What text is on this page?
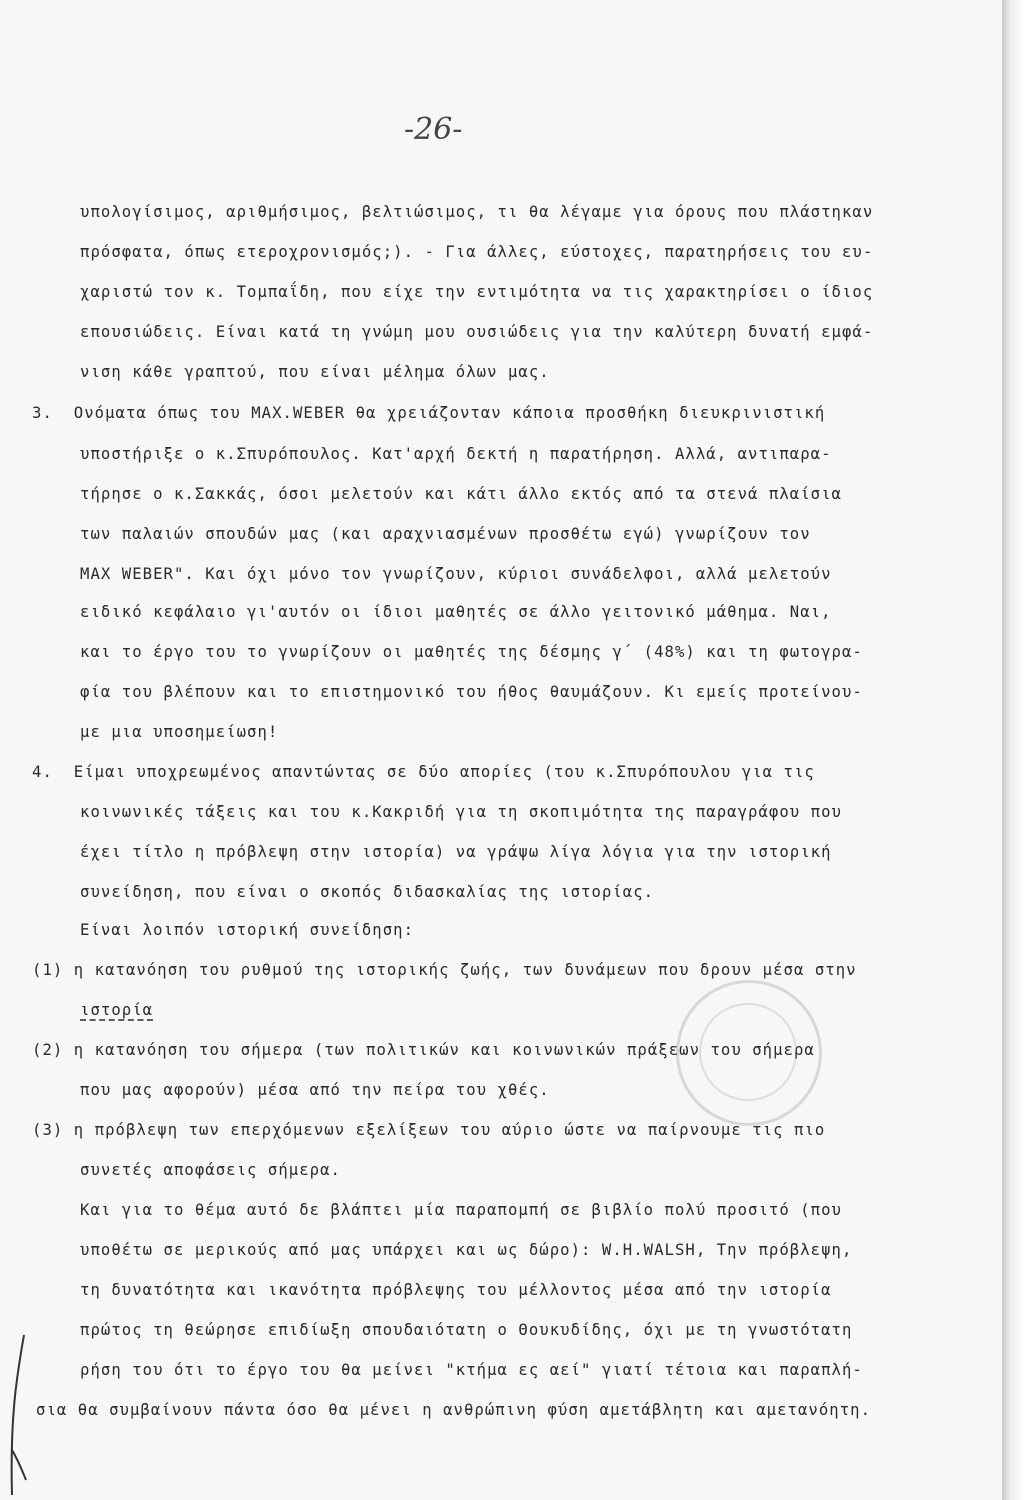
-26-
υπολογίσιμος, αριθμήσιμος, βελτιώσιμος, τι θα λέγαμε για όρους που πλάστηκαν
πρόσφατα, όπως ετεροχρονισμός;). - Για άλλες, εύστοχες, παρατηρήσεις του ευ-
χαριστώ τον κ. Τομπαΐδη, που είχε την εντιμότητα να τις χαρακτηρίσει ο ίδιος
επουσιώδεις. Είναι κατά τη γνώμη μου ουσιώδεις για την καλύτερη δυνατή εμφά-
νιση κάθε γραπτού, που είναι μέλημα όλων μας.
3.  Ονόματα όπως του MAX.WEBER θα χρειάζονταν κάποια προσθήκη διευκρινιστική
υποστήριξε ο κ.Σπυρόπουλος. Κατ'αρχή δεκτή η παρατήρηση. Αλλά, αντιπαρα-
τήρησε ο κ.Σακκάς, όσοι μελετούν και κάτι άλλο εκτός από τα στενά πλαίσια
των παλαιών σπουδών μας (και αραχνιασμένων προσθέτω εγώ) γνωρίζουν τον
MAX WEBER". Και όχι μόνο τον γνωρίζουν, κύριοι συνάδελφοι, αλλά μελετούν
ειδικό κεφάλαιο γι'αυτόν οι ίδιοι μαθητές σε άλλο γειτονικό μάθημα. Ναι,
και το έργο του το γνωρίζουν οι μαθητές της δέσμης γ΄ (48%) και τη φωτογρα-
φία του βλέπουν και το επιστημονικό του ήθος θαυμάζουν. Κι εμείς προτείνου-
με μια υποσημείωση!
4.  Είμαι υποχρεωμένος απαντώντας σε δύο απορίες (του κ.Σπυρόπουλου για τις
κοινωνικές τάξεις και του κ.Κακριδή για τη σκοπιμότητα της παραγράφου που
έχει τίτλο η πρόβλεψη στην ιστορία) να γράψω λίγα λόγια για την ιστορική
συνείδηση, που είναι ο σκοπός διδασκαλίας της ιστορίας.
Είναι λοιπόν ιστορική συνείδηση:
(1) η κατανόηση του ρυθμού της ιστορικής ζωής, των δυνάμεων που δρουν μέσα στην
ιστορία
(2) η κατανόηση του σήμερα (των πολιτικών και κοινωνικών πράξεων του σήμερα
που μας αφορούν) μέσα από την πείρα του χθές.
(3) η πρόβλεψη των επερχόμενων εξελίξεων του αύριο ώστε να παίρνουμε τις πιο
συνετές αποφάσεις σήμερα.
Και για το θέμα αυτό δε βλάπτει μία παραπομπή σε βιβλίο πολύ προσιτό (που
υποθέτω σε μερικούς από μας υπάρχει και ως δώρο): W.H.WALSH, Την πρόβλεψη,
τη δυνατότητα και ικανότητα πρόβλεψης του μέλλοντος μέσα από την ιστορία
πρώτος τη θεώρησε επιδίωξη σπουδαιότατη ο Θουκυδίδης, όχι με τη γνωστότατη
ρήση του ότι το έργο του θα μείνει "κτήμα ες αεί" γιατί τέτοια και παραπλή-
σια θα συμβαίνουν πάντα όσο θα μένει η ανθρώπινη φύση αμετάβλητη και αμετανόητη.
